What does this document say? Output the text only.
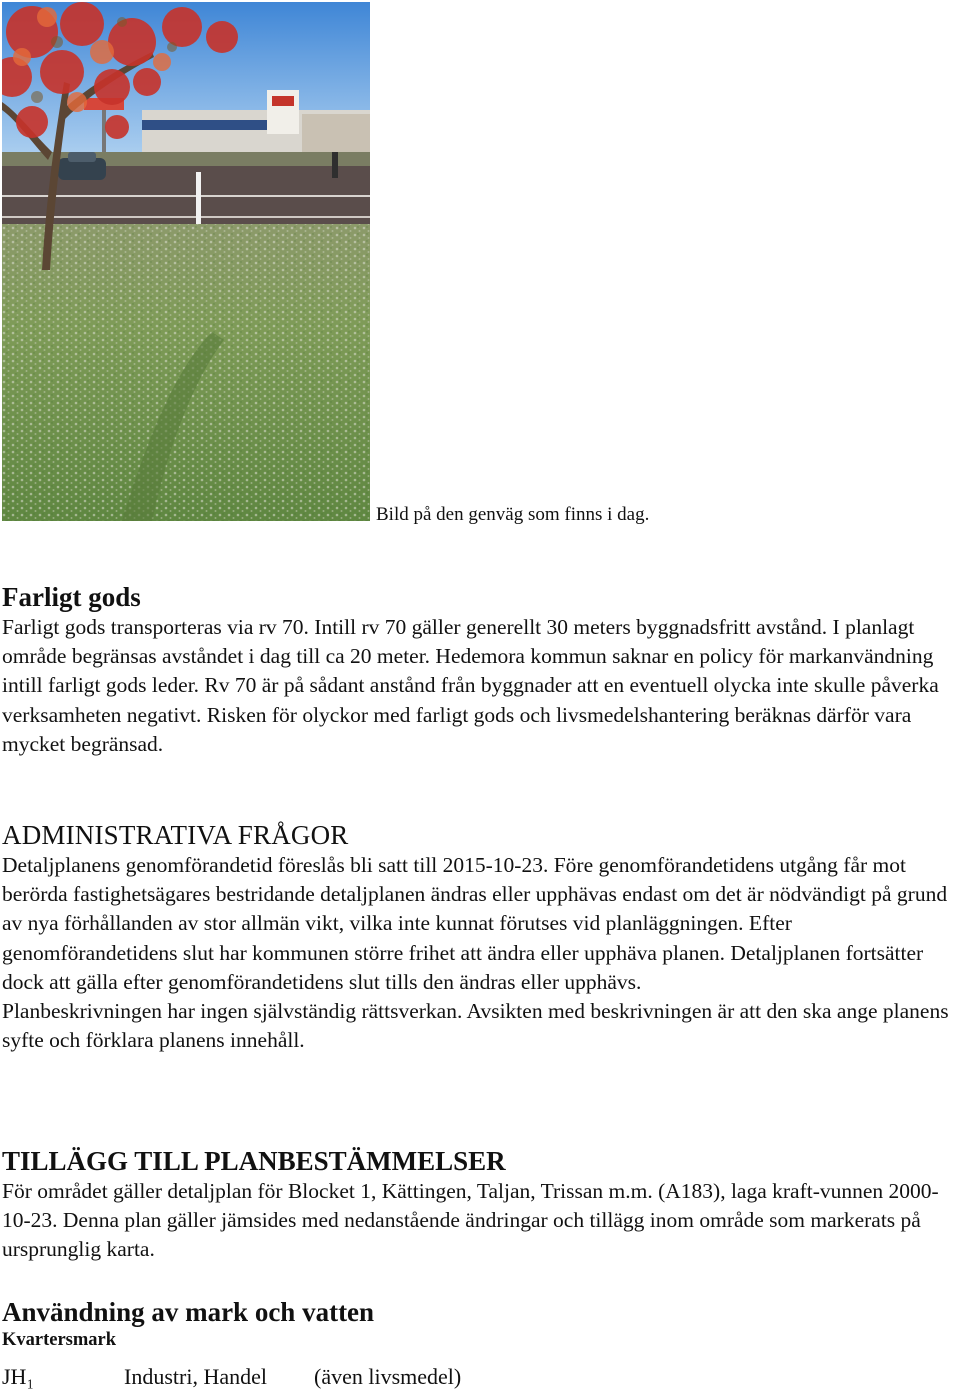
Bild på den genväg som finns i dag.
Farligt gods

Farligt gods transporteras via rv 70. Intill rv 70 gäller generellt 30 meters byggnadsfritt avstånd. I planlagt område begränsas avståndet i dag till ca 20 meter. Hedemora kommun saknar en policy för markanvändning intill farligt gods leder. Rv 70 är på sådant anstånd från byggnader att en eventuell olycka inte skulle påverka verksamheten negativt. Risken för olyckor med farligt gods och livsmedelshantering beräknas därför vara mycket begränsad.

ADMINISTRATIVA FRÅGOR

Detaljplanens genomförandetid föreslås bli satt till 2015-10-23. Före genomförandetidens utgång får mot berörda fastighetsägares bestridande detaljplanen ändras eller upphävas endast om det är nödvändigt på grund av nya förhållanden av stor allmän vikt, vilka inte kunnat förutses vid planläggningen. Efter genomförandetidens slut har kommunen större frihet att ändra eller upphäva planen. Detaljplanen fortsätter dock att gälla efter genomförandetidens slut tills den ändras eller upphävs.

Planbeskrivningen har ingen självständig rättsverkan. Avsikten med beskrivningen är att den ska ange planens syfte och förklara planens innehåll.

TILLÄGG TILL PLANBESTÄMMELSER

För området gäller detaljplan för Blocket 1, Kättingen, Taljan, Trissan m.m. (A183), laga kraft-vunnen 2000-10-23. Denna plan gäller jämsides med nedanstående ändringar och tillägg inom område som markerats på ursprunglig karta.

Användning av mark och vatten

Kvartersmark

JH₁	Industri, Handel (även livsmedel)
